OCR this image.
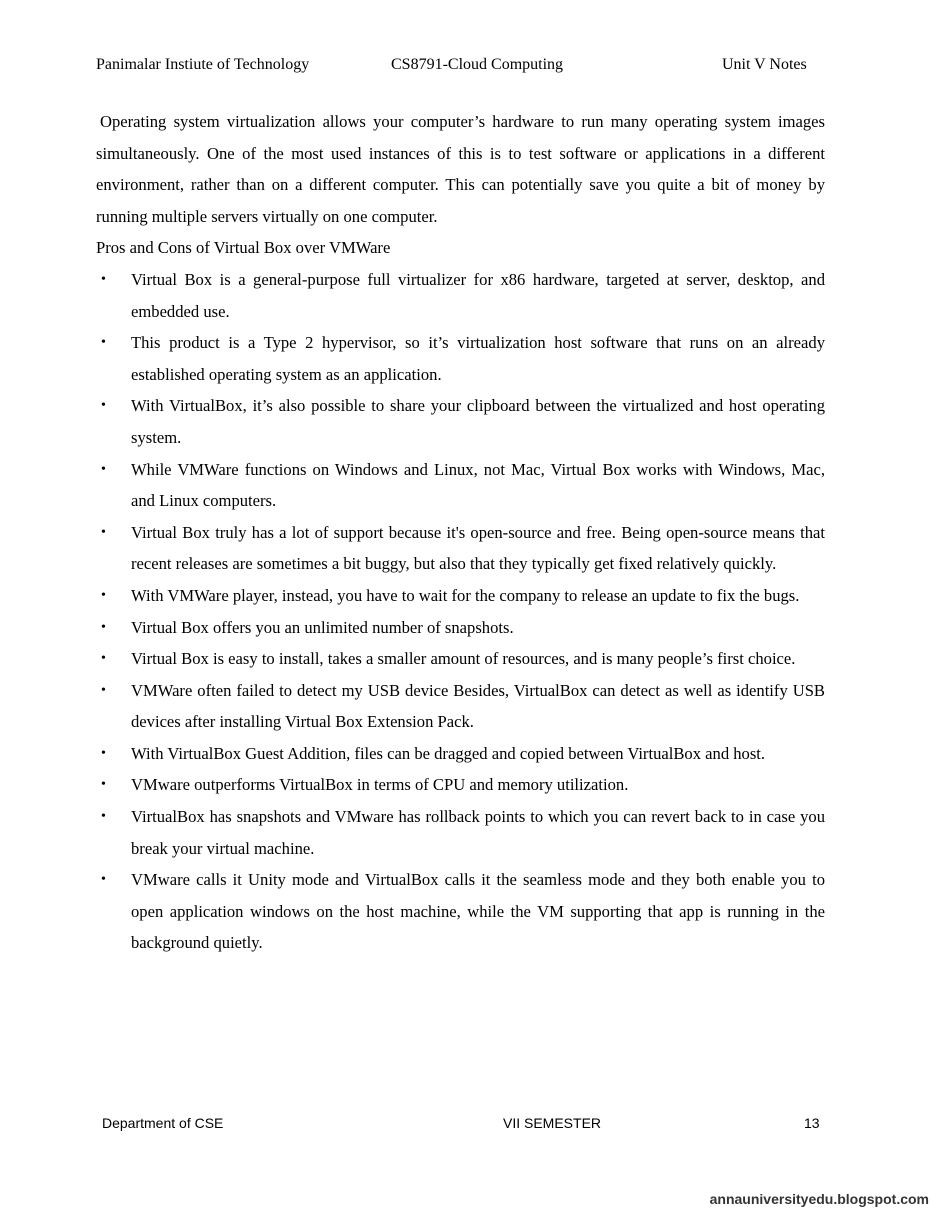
Panimalar Instiute of Technology	CS8791-Cloud Computing	Unit V Notes

Operating system virtualization allows your computer’s hardware to run many operating system images simultaneously. One of the most used instances of this is to test software or applications in a different environment, rather than on a different computer. This can potentially save you quite a bit of money by running multiple servers virtually on one computer.

Pros and Cons of Virtual Box over VMWare

• Virtual Box is a general-purpose full virtualizer for x86 hardware, targeted at server, desktop, and embedded use.
• This product is a Type 2 hypervisor, so it’s virtualization host software that runs on an already established operating system as an application.
• With VirtualBox, it’s also possible to share your clipboard between the virtualized and host operating system.
• While VMWare functions on Windows and Linux, not Mac, Virtual Box works with Windows, Mac, and Linux computers.
• Virtual Box truly has a lot of support because it's open-source and free. Being open-source means that recent releases are sometimes a bit buggy, but also that they typically get fixed relatively quickly.
• With VMWare player, instead, you have to wait for the company to release an update to fix the bugs.
• Virtual Box offers you an unlimited number of snapshots.
• Virtual Box is easy to install, takes a smaller amount of resources, and is many people’s first choice.
• VMWare often failed to detect my USB device Besides, VirtualBox can detect as well as identify USB devices after installing Virtual Box Extension Pack.
• With VirtualBox Guest Addition, files can be dragged and copied between VirtualBox and host.
• VMware outperforms VirtualBox in terms of CPU and memory utilization.
• VirtualBox has snapshots and VMware has rollback points to which you can revert back to in case you break your virtual machine.
• VMware calls it Unity mode and VirtualBox calls it the seamless mode and they both enable you to open application windows on the host machine, while the VM supporting that app is running in the background quietly.
Department of CSE	VII SEMESTER	13
annauniversityedu.blogspot.com
